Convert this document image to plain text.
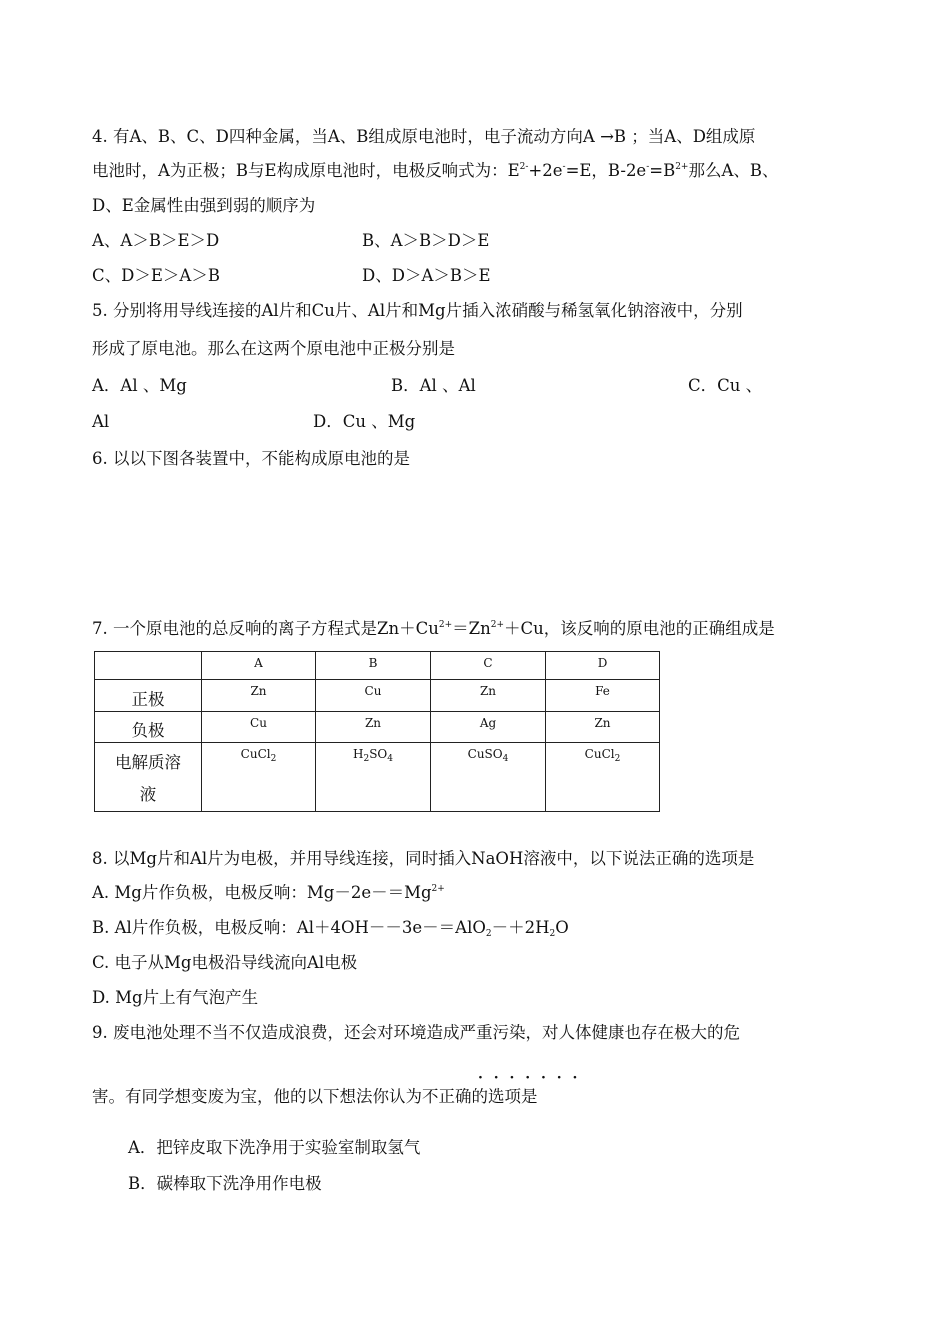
4. 有A、B、C、D四种金属，当A、B组成原电池时，电子流动方向A →B ；当A、D组成原
电池时，A为正极；B与E构成原电池时，电极反响式为：$E^{2-}+2e^-=E$，$B-2e^-=B^{2+}$那么A、B、
D、E金属性由强到弱的顺序为
A、A＞B＞E＞D	B、A＞B＞D＞E
C、D＞E＞A＞B	D、D＞A＞B＞E
5. 分别将用导线连接的Al片和Cu片、Al片和Mg片插入浓硝酸与稀氢氧化钠溶液中，分别
形成了原电池。那么在这两个原电池中正极分别是
A．Al 、Mg	B．Al 、Al	C．Cu 、
Al	D．Cu 、Mg
6. 以以下图各装置中，不能构成原电池的是
7. 一个原电池的总反响的离子方程式是$Zn+Cu^{2+}=Zn^{2+}+Cu$，该反响的原电池的正确组成是
	A	B	C	D
正极	Zn	Cu	Zn	Fe
负极	Cu	Zn	Ag	Zn
电解质溶
液	CuCl$_2$	$H_2SO_4$	CuSO$_4$	CuCl$_2$
8. 以Mg片和Al片为电极，并用导线连接，同时插入NaOH溶液中，以下说法正确的选项是
A. Mg片作负极，电极反响：$Mg-2e-=Mg^{2+}$
B. Al片作负极，电极反响：$Al+4OH--3e-=AlO_2-+2H_2O$
C. 电子从Mg电极沿导线流向Al电极
D. Mg片上有气泡产生
9. 废电池处理不当不仅造成浪费，还会对环境造成严重污染，对人体健康也存在极大的危
· · · · · · ·
害。有同学想变废为宝，他的以下想法你认为不正确的选项是
A．把锌皮取下洗净用于实验室制取氢气
B．碳棒取下洗净用作电极
